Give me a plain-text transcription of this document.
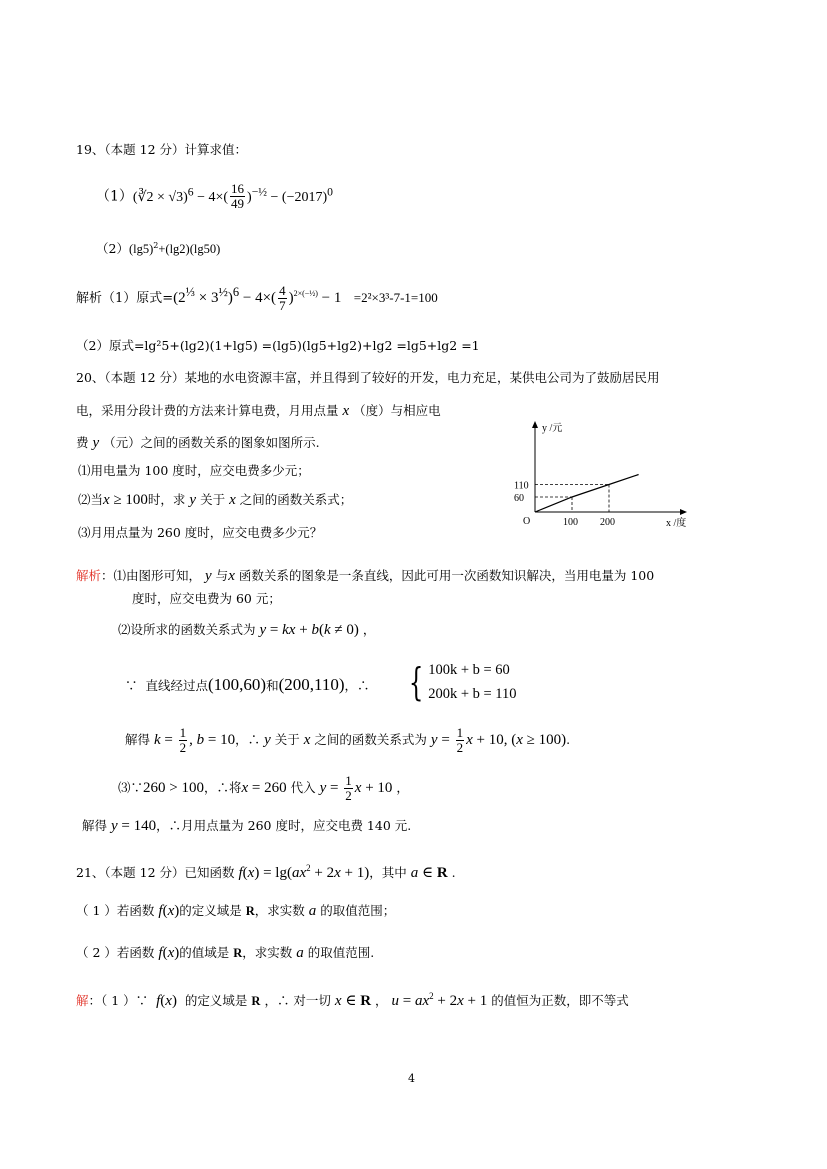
19、（本题 12 分）计算求值：
（1）(∛2 × $√3)^6 - 4\times( \frac{16}{49} )^{-\frac{1}{2}} - (-2017)^0$
$(2)(\lg 5)^2+(\lg 2)(\lg 50)$
解析（1）原式$=(2^{\frac{1}{3}} \times 3^{\frac{1}{2}})^6 - 4\times( \frac{4}{7} )^{2\times(-\frac{1}{2})} - 1 =2^2\times 3^3-7-1=100$
（2）原式=lg²5+(lg2)(1+lg5) =(lg5)(lg5+lg2)+lg2 =lg5+lg2 =1
20、（本题 12 分）某地的水电资源丰富，并且得到了较好的开发，电力充足，某供电公司为了鼓励居民用
电，采用分段计费的方法来计算电费，月用点量 x （度）与相应电
费 y （元）之间的函数关系的图象如图所示.
⑴用电量为 100 度时，应交电费多少元；
⑵当x ≥ 100时，求 y 关于 x 之间的函数关系式；
⑶月用点量为 260 度时，应交电费多少元？
y /元
x /度
O	100 200
110
60
解析：⑴由图形可知， y 与x 函数关系的图象是一条直线，因此可用一次函数知识解决，当用电量为 100
度时，应交电费为 60 元；
⑵设所求的函数关系式为 y = kx + b(k ≠ 0) ，
∵ 直线经过点(100,60)和(200,110)，∴ { 100k + b = 60
200k + b = 110
解得 $k = \frac{1}{2}$ , b = 10，∴ y 关于 x 之间的函数关系式为 $y = \frac{1}{2}$ x + 10, (x ≥ 100).
⑶∵260 > 100，∴将x = 260 代入 $y = \frac{1}{2}$ x + 10 ，
解得 y = 140，∴月用点量为 260 度时，应交电费 140 元.
21、（本题 12 分）已知函数 $f(x) = \lg(ax^2 + 2x + 1)$，其中 a ∈ R .
（ 1 ）若函数 f(x)的定义域是 R，求实数 a 的取值范围；
（ 2 ）若函数 f(x)的值域是 R，求实数 a 的取值范围.
解：（ 1 ）∵ f(x) 的定义域是 R ，∴ 对一切 x ∈ R ， $u = ax^2 + 2x + 1$ 的值恒为正数，即不等式
4
